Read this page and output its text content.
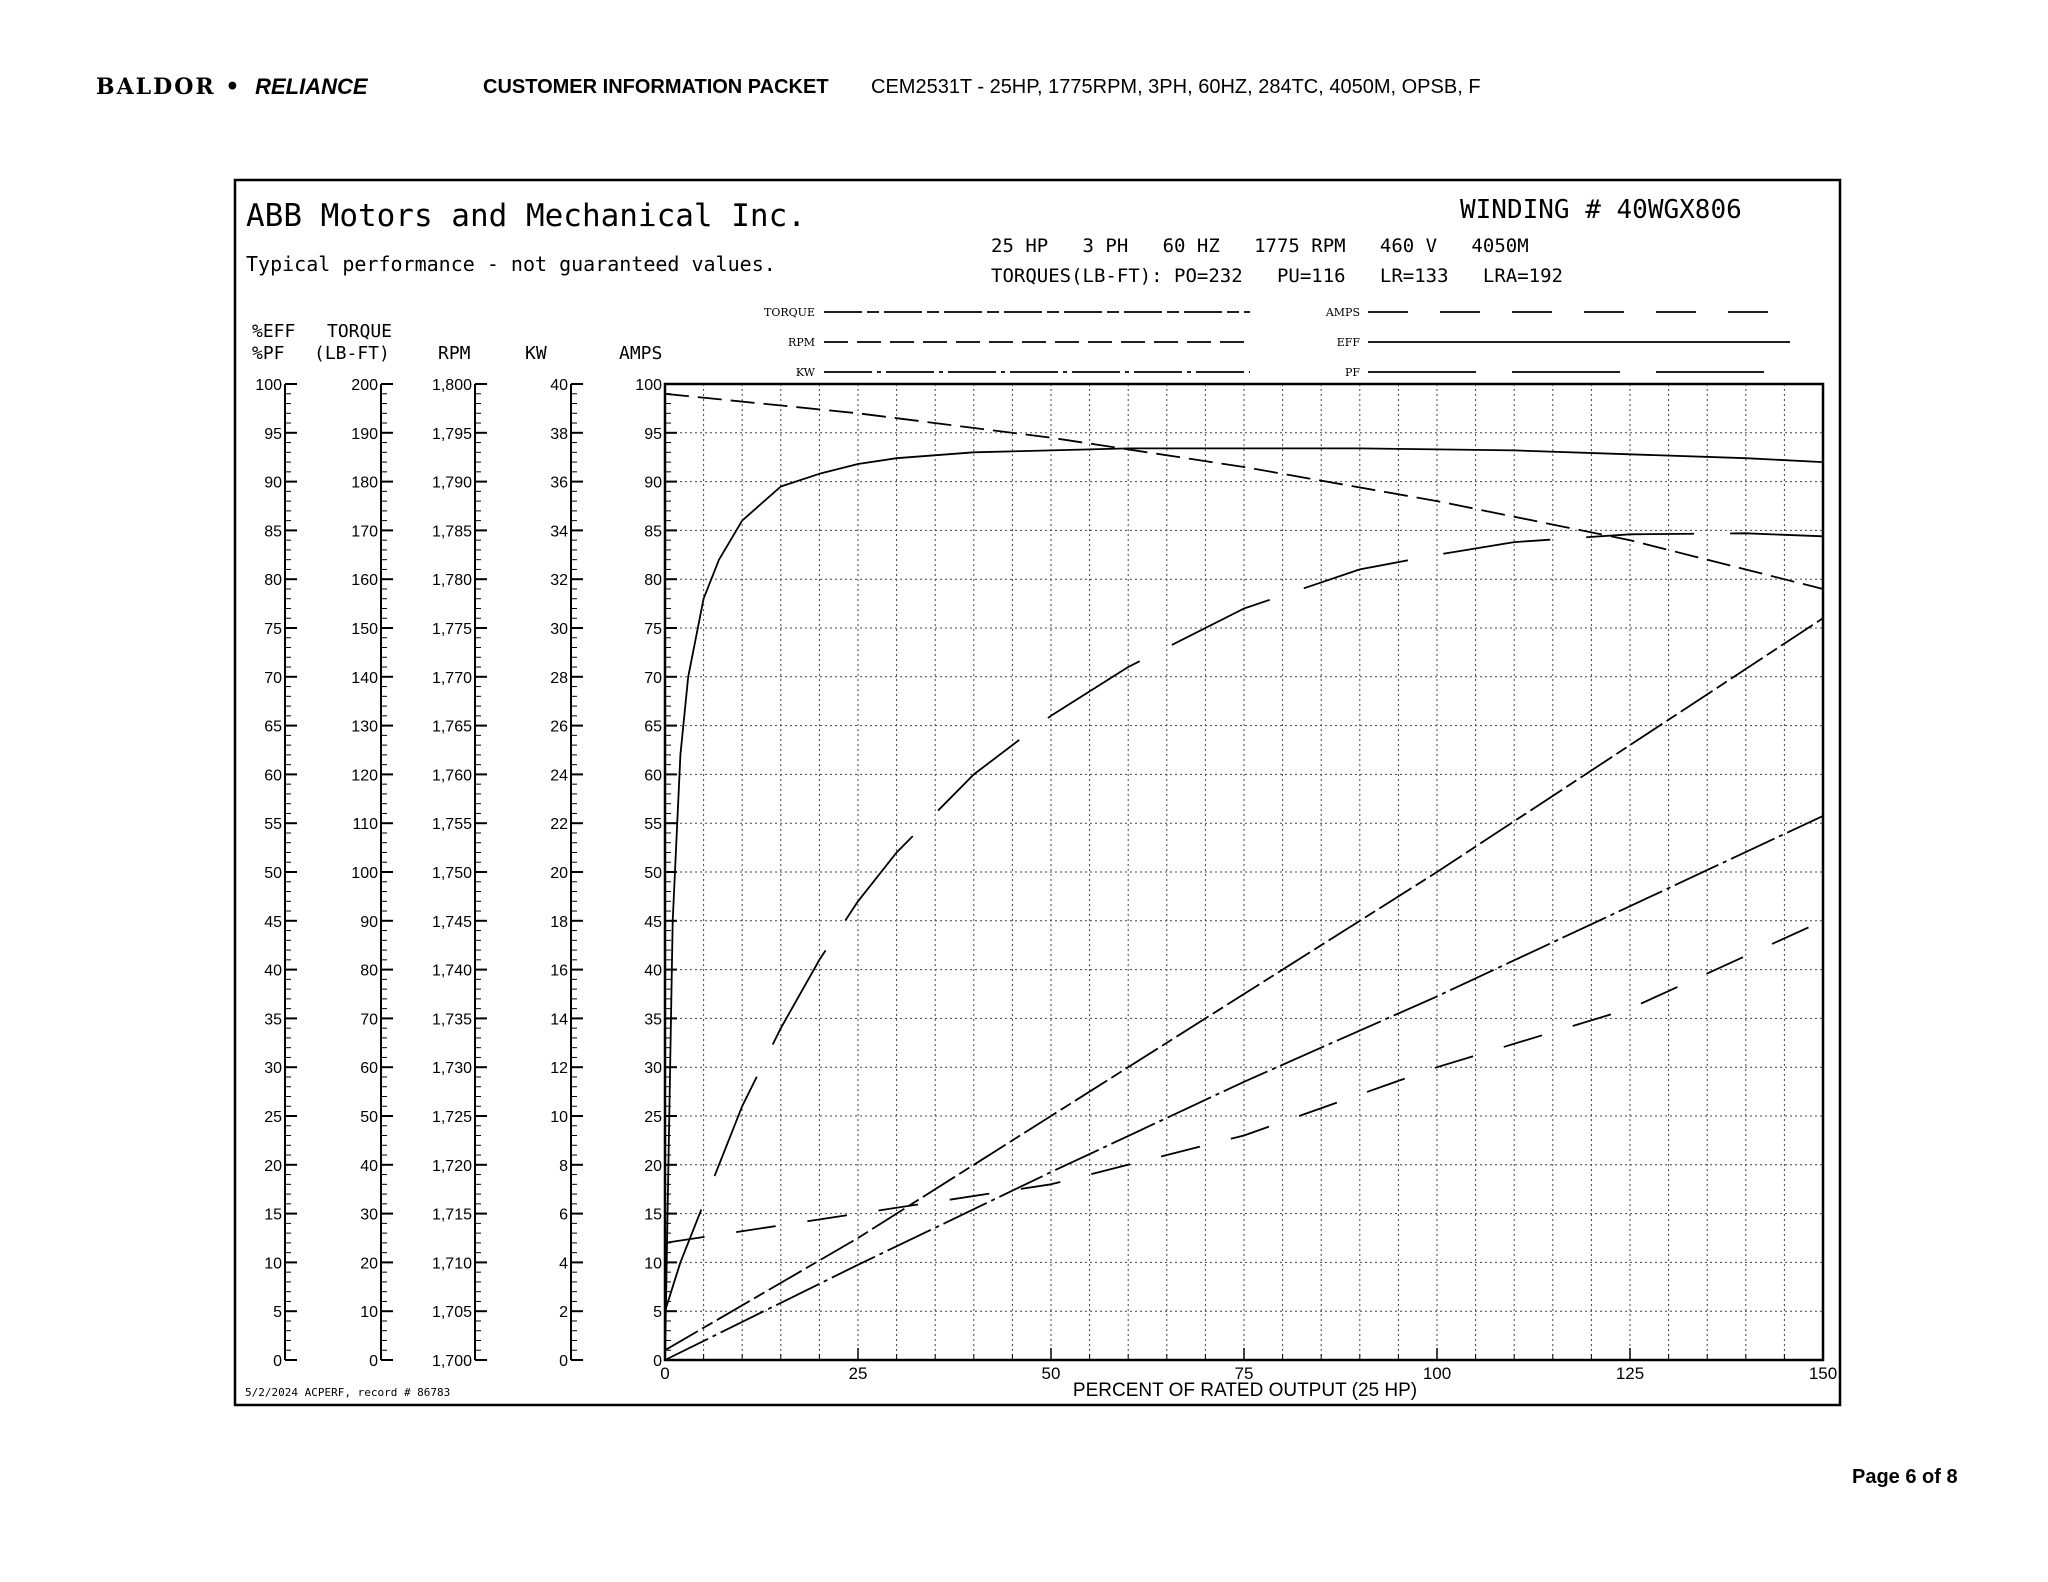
BALDOR
•
RELIANCE	CUSTOMER INFORMATION PACKET CEM2531T - 25HP, 1775RPM, 3PH, 60HZ, 284TC, 4050M, OPSB, F
Page 6 of 8
ABB Motors and Mechanical Inc.
Typical performance - not guaranteed values.
WINDING # 40WGX806
25 HP   3 PH   60 HZ   1775 RPM   460 V   4050M
TORQUES(LB-FT): PO=232   PU=116   LR=133   LRA=192
5/2/2024 ACPERF, record # 86783	PERCENT OF RATED OUTPUT (25 HP)
%EFF
%PF
TORQUE
(LB-FT)	RPM	KW	AMPS
100
95
90
85
80
75
70
65
60
55
50
45
40
35
30
25
20
15
10
5
0
200
190
180
170
160
150
140
130
120
110
100
90
80
70
60
50
40
30
20
10
0
1,800
1,795
1,790
1,785
1,780
1,775
1,770
1,765
1,760
1,755
1,750
1,745
1,740
1,735
1,730
1,725
1,720
1,715
1,710
1,705
1,700
40
38
36
34
32
30
28
26
24
22
20
18
16
14
12
10
8
6
4
2
0
100
95
90
85
80
75
70
65
60
55
50
45
40
35
30
25
20
15
10
5
0
0	25	50	75	100	125	150
TORQUE
RPM
KW
AMPS
EFF
PF
